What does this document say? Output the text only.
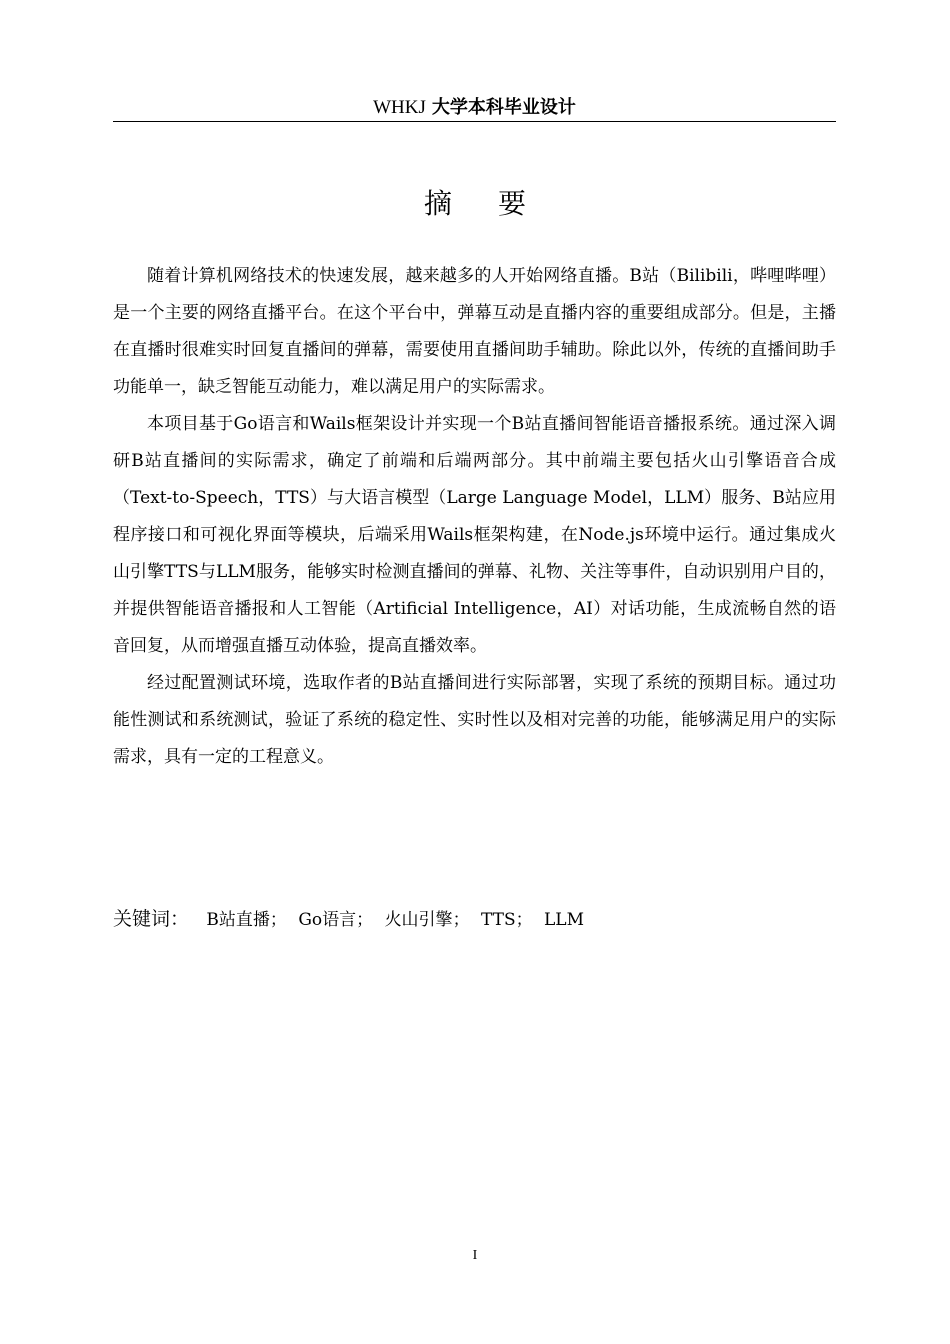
WHKJ 大学本科毕业设计
摘 要

随着计算机网络技术的快速发展，越来越多的人开始网络直播。B站（Bilibili，哔哩哔哩）是一个主要的网络直播平台。在这个平台中，弹幕互动是直播内容的重要组成部分。但是，主播在直播时很难实时回复直播间的弹幕，需要使用直播间助手辅助。除此以外，传统的直播间助手功能单一，缺乏智能互动能力，难以满足用户的实际需求。

本项目基于Go语言和Wails框架设计并实现一个B站直播间智能语音播报系统。通过深入调研B站直播间的实际需求，确定了前端和后端两部分。其中前端主要包括火山引擎语音合成（Text-to-Speech，TTS）与大语言模型（Large Language Model，LLM）服务、B站应用程序接口和可视化界面等模块，后端采用Wails框架构建，在Node.js环境中运行。通过集成火山引擎TTS与LLM服务，能够实时检测直播间的弹幕、礼物、关注等事件，自动识别用户目的，并提供智能语音播报和人工智能（Artificial Intelligence，AI）对话功能，生成流畅自然的语音回复，从而增强直播互动体验，提高直播效率。

经过配置测试环境，选取作者的B站直播间进行实际部署，实现了系统的预期目标。通过功能性测试和系统测试，验证了系统的稳定性、实时性以及相对完善的功能，能够满足用户的实际需求，具有一定的工程意义。

关键词： B站直播； Go语言； 火山引擎； TTS； LLM
I
